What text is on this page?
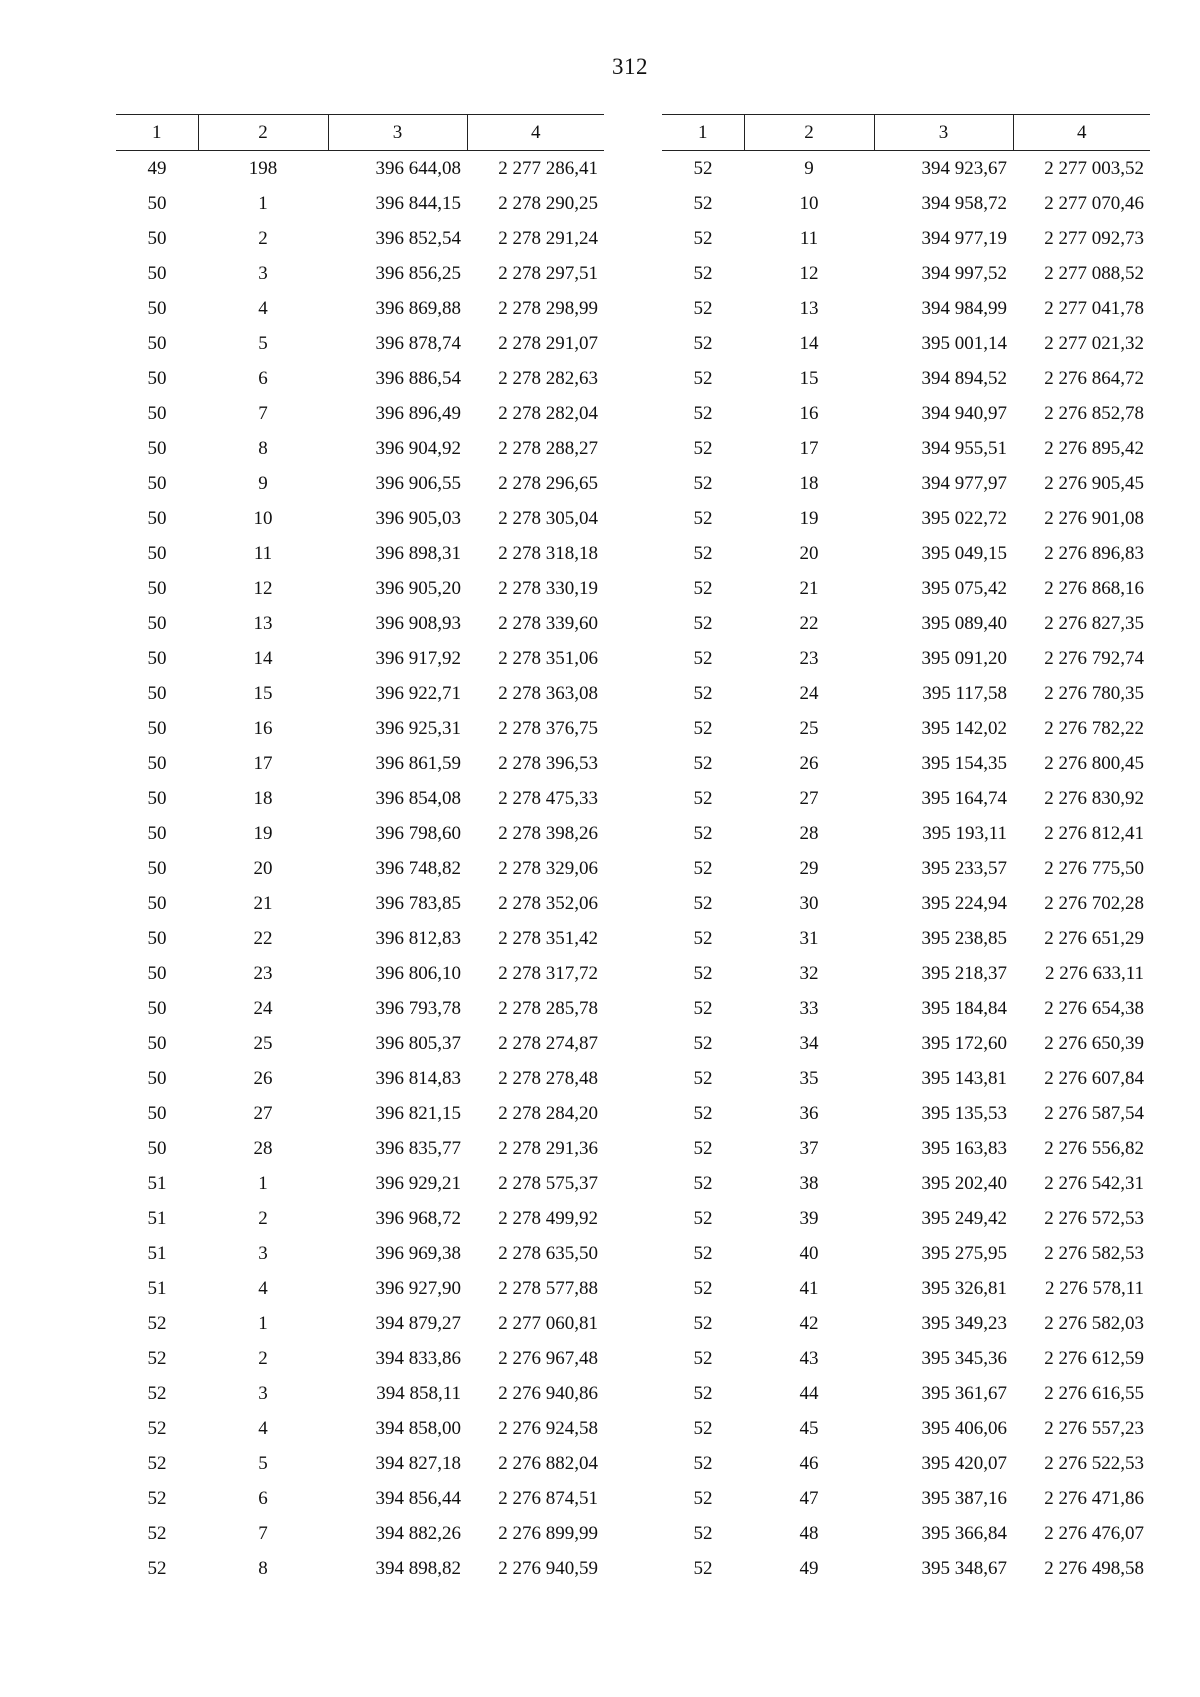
312
1	2	3	4
49	198	396 644,08	2 277 286,41
50	1	396 844,15	2 278 290,25
50	2	396 852,54	2 278 291,24
50	3	396 856,25	2 278 297,51
50	4	396 869,88	2 278 298,99
50	5	396 878,74	2 278 291,07
50	6	396 886,54	2 278 282,63
50	7	396 896,49	2 278 282,04
50	8	396 904,92	2 278 288,27
50	9	396 906,55	2 278 296,65
50	10	396 905,03	2 278 305,04
50	11	396 898,31	2 278 318,18
50	12	396 905,20	2 278 330,19
50	13	396 908,93	2 278 339,60
50	14	396 917,92	2 278 351,06
50	15	396 922,71	2 278 363,08
50	16	396 925,31	2 278 376,75
50	17	396 861,59	2 278 396,53
50	18	396 854,08	2 278 475,33
50	19	396 798,60	2 278 398,26
50	20	396 748,82	2 278 329,06
50	21	396 783,85	2 278 352,06
50	22	396 812,83	2 278 351,42
50	23	396 806,10	2 278 317,72
50	24	396 793,78	2 278 285,78
50	25	396 805,37	2 278 274,87
50	26	396 814,83	2 278 278,48
50	27	396 821,15	2 278 284,20
50	28	396 835,77	2 278 291,36
51	1	396 929,21	2 278 575,37
51	2	396 968,72	2 278 499,92
51	3	396 969,38	2 278 635,50
51	4	396 927,90	2 278 577,88
52	1	394 879,27	2 277 060,81
52	2	394 833,86	2 276 967,48
52	3	394 858,11	2 276 940,86
52	4	394 858,00	2 276 924,58
52	5	394 827,18	2 276 882,04
52	6	394 856,44	2 276 874,51
52	7	394 882,26	2 276 899,99
52	8	394 898,82	2 276 940,59
1	2	3	4
52	9	394 923,67	2 277 003,52
52	10	394 958,72	2 277 070,46
52	11	394 977,19	2 277 092,73
52	12	394 997,52	2 277 088,52
52	13	394 984,99	2 277 041,78
52	14	395 001,14	2 277 021,32
52	15	394 894,52	2 276 864,72
52	16	394 940,97	2 276 852,78
52	17	394 955,51	2 276 895,42
52	18	394 977,97	2 276 905,45
52	19	395 022,72	2 276 901,08
52	20	395 049,15	2 276 896,83
52	21	395 075,42	2 276 868,16
52	22	395 089,40	2 276 827,35
52	23	395 091,20	2 276 792,74
52	24	395 117,58	2 276 780,35
52	25	395 142,02	2 276 782,22
52	26	395 154,35	2 276 800,45
52	27	395 164,74	2 276 830,92
52	28	395 193,11	2 276 812,41
52	29	395 233,57	2 276 775,50
52	30	395 224,94	2 276 702,28
52	31	395 238,85	2 276 651,29
52	32	395 218,37	2 276 633,11
52	33	395 184,84	2 276 654,38
52	34	395 172,60	2 276 650,39
52	35	395 143,81	2 276 607,84
52	36	395 135,53	2 276 587,54
52	37	395 163,83	2 276 556,82
52	38	395 202,40	2 276 542,31
52	39	395 249,42	2 276 572,53
52	40	395 275,95	2 276 582,53
52	41	395 326,81	2 276 578,11
52	42	395 349,23	2 276 582,03
52	43	395 345,36	2 276 612,59
52	44	395 361,67	2 276 616,55
52	45	395 406,06	2 276 557,23
52	46	395 420,07	2 276 522,53
52	47	395 387,16	2 276 471,86
52	48	395 366,84	2 276 476,07
52	49	395 348,67	2 276 498,58
